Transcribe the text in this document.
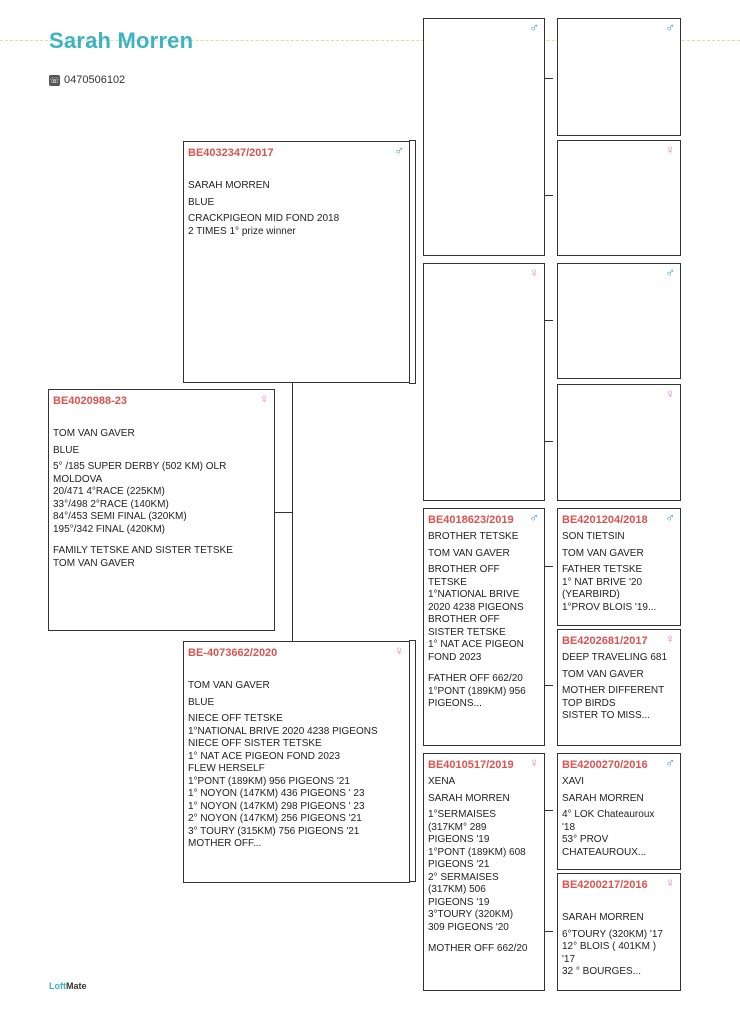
Sarah Morren
☏ 0470506102
BE4032347/2017	♂
SARAH MORREN
BLUE
CRACKPIGEON MID FOND 2018
2 TIMES 1° prize winner
BE4020988-23	♀
TOM VAN GAVER
BLUE
5° /185 SUPER DERBY (502 KM) OLR
MOLDOVA
20/471 4°RACE (225KM)
33°/498 2°RACE (140KM)
84°/453 SEMI FINAL (320KM)
195°/342 FINAL (420KM)
FAMILY TETSKE AND SISTER TETSKE
TOM VAN GAVER
BE-4073662/2020	♀
TOM VAN GAVER
BLUE
NIECE OFF TETSKE
1°NATIONAL BRIVE 2020 4238 PIGEONS
NIECE OFF SISTER TETSKE
1° NAT ACE PIGEON FOND 2023
FLEW HERSELF
1°PONT (189KM) 956 PIGEONS '21
1° NOYON (147KM) 436 PIGEONS ' 23
1° NOYON (147KM) 298 PIGEONS ' 23
2° NOYON (147KM) 256 PIGEONS '21
3° TOURY (315KM) 756 PIGEONS '21
MOTHER OFF...
♂
♀
♂
♀
♂
♀
BE4018623/2019 ♂
BROTHER TETSKE
TOM VAN GAVER
BROTHER OFF
TETSKE
1°NATIONAL BRIVE
2020 4238 PIGEONS
BROTHER OFF
SISTER TETSKE
1° NAT ACE PIGEON
FOND 2023
FATHER OFF 662/20
1°PONT (189KM) 956
PIGEONS...
BE4010517/2019 ♀
XENA
SARAH MORREN
1°SERMAISES
(317KM° 289
PIGEONS '19
1°PONT (189KM) 608
PIGEONS '21
2° SERMAISES
(317KM) 506
PIGEONS '19
3°TOURY (320KM)
309 PIGEONS '20
MOTHER OFF 662/20
BE4201204/2018 ♂
SON TIETSIN
TOM VAN GAVER
FATHER TETSKE
1° NAT BRIVE '20
(YEARBIRD)
1°PROV BLOIS '19...
BE4202681/2017 ♀
DEEP TRAVELING 681
TOM VAN GAVER
MOTHER DIFFERENT
TOP BIRDS
SISTER TO MISS...
BE4200270/2016 ♂
XAVI
SARAH MORREN
4° LOK Chateauroux
'18
53° PROV
CHATEAUROUX...
BE4200217/2016 ♀
SARAH MORREN
6°TOURY (320KM) '17
12° BLOIS ( 401KM )
'17
32 ° BOURGES...
LoftMate
